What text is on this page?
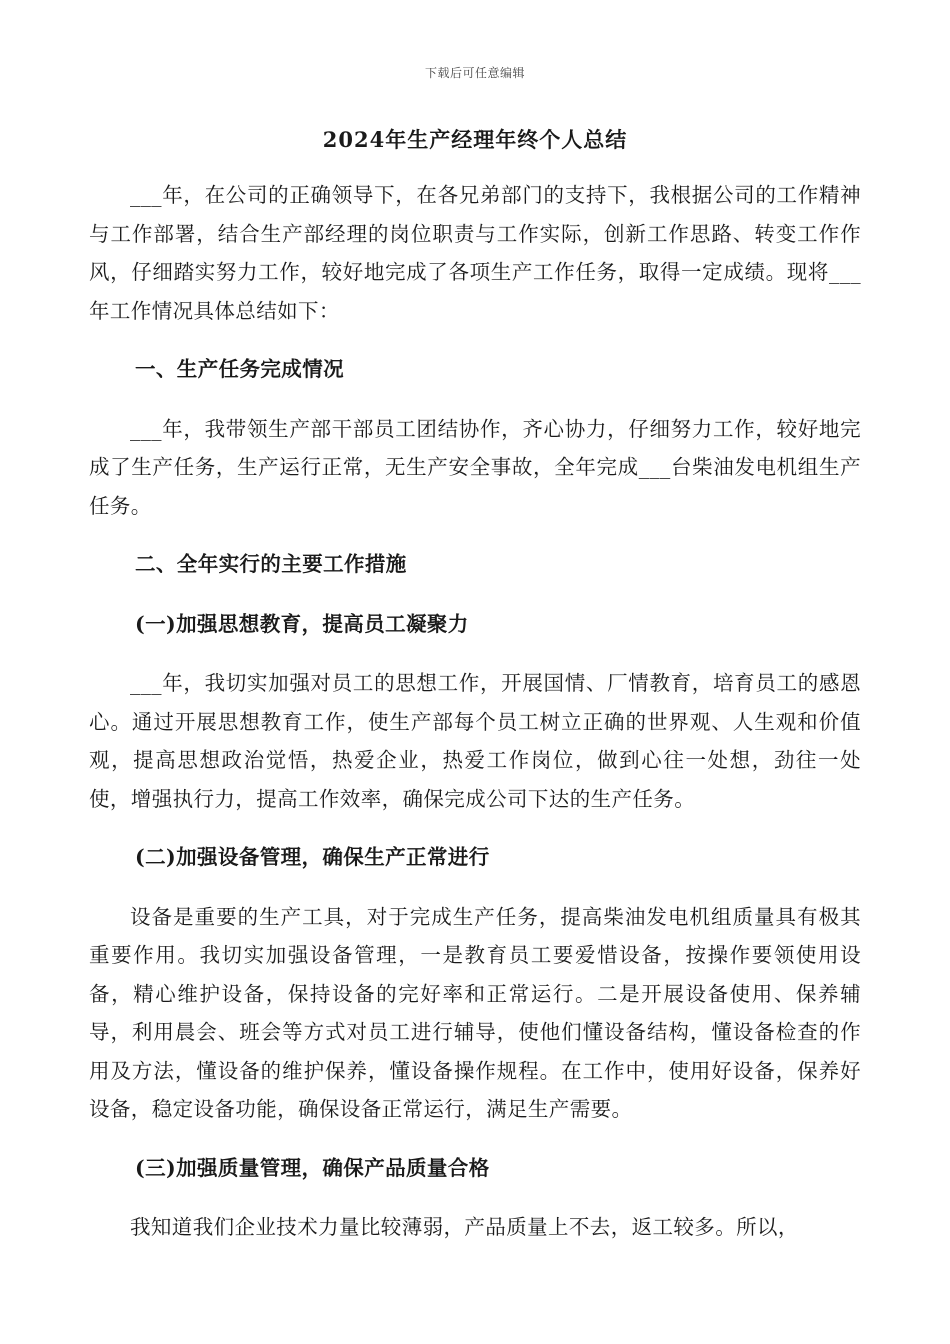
下载后可任意编辑
2024年生产经理年终个人总结

___年，在公司的正确领导下，在各兄弟部门的支持下，我根据公司的工作精神与工作部署，结合生产部经理的岗位职责与工作实际，创新工作思路、转变工作作风，仔细踏实努力工作，较好地完成了各项生产工作任务，取得一定成绩。现将___年工作情况具体总结如下：

一、生产任务完成情况

___年，我带领生产部干部员工团结协作，齐心协力，仔细努力工作，较好地完成了生产任务，生产运行正常，无生产安全事故，全年完成___台柴油发电机组生产任务。

二、全年实行的主要工作措施

(一)加强思想教育，提高员工凝聚力

___年，我切实加强对员工的思想工作，开展国情、厂情教育，培育员工的感恩心。通过开展思想教育工作，使生产部每个员工树立正确的世界观、人生观和价值观，提高思想政治觉悟，热爱企业，热爱工作岗位，做到心往一处想，劲往一处使，增强执行力，提高工作效率，确保完成公司下达的生产任务。

(二)加强设备管理，确保生产正常进行

设备是重要的生产工具，对于完成生产任务，提高柴油发电机组质量具有极其重要作用。我切实加强设备管理，一是教育员工要爱惜设备，按操作要领使用设备，精心维护设备，保持设备的完好率和正常运行。二是开展设备使用、保养辅导，利用晨会、班会等方式对员工进行辅导，使他们懂设备结构，懂设备检查的作用及方法，懂设备的维护保养，懂设备操作规程。在工作中，使用好设备，保养好设备，稳定设备功能，确保设备正常运行，满足生产需要。

(三)加强质量管理，确保产品质量合格

我知道我们企业技术力量比较薄弱，产品质量上不去，返工较多。所以，
